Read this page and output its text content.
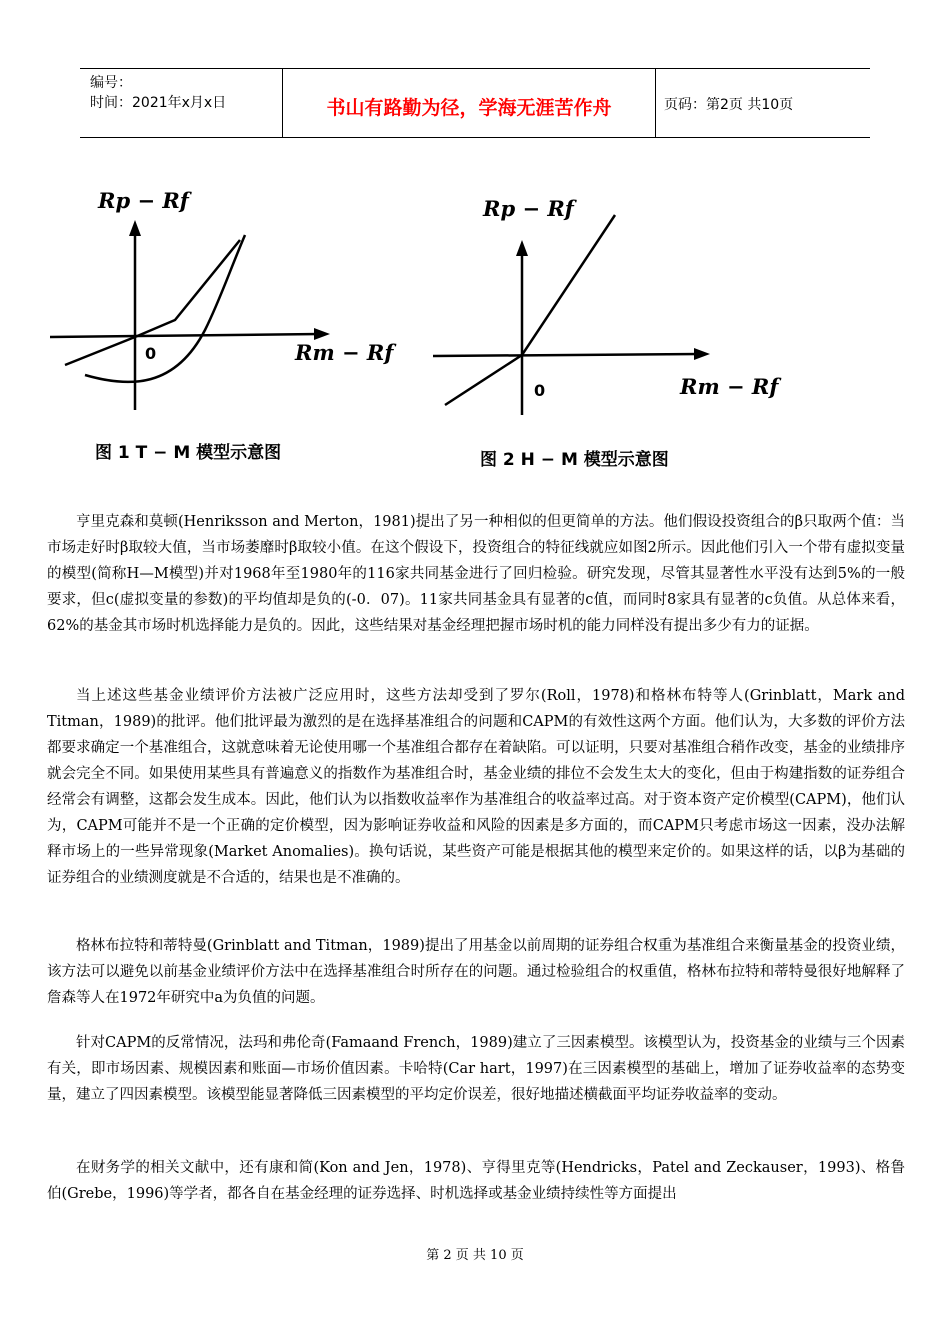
编号：
时间：2021年x月x日	书山有路勤为径，学海无涯苦作舟	页码：第2页 共10页
Rp − Rf
Rm − Rf
0
图 1 T − M 模型示意图
Rp − Rf
Rm − Rf
0
图 2 H − M 模型示意图

亨里克森和莫顿(Henriksson and Merton，1981)提出了另一种相似的但更简单的方法。他们假设投资组合的β只取两个值：当市场走好时β取较大值，当市场萎靡时β取较小值。在这个假设下，投资组合的特征线就应如图2所示。因此他们引入一个带有虚拟变量的模型(简称H—M模型)并对1968年至1980年的116家共同基金进行了回归检验。研究发现，尽管其显著性水平没有达到5%的一般要求，但c(虚拟变量的参数)的平均值却是负的(-0．07)。11家共同基金具有显著的c值，而同时8家具有显著的c负值。从总体来看，62%的基金其市场时机选择能力是负的。因此，这些结果对基金经理把握市场时机的能力同样没有提出多少有力的证据。

当上述这些基金业绩评价方法被广泛应用时，这些方法却受到了罗尔(Roll，1978)和格林布特等人(Grinblatt，Mark and Titman，1989)的批评。他们批评最为激烈的是在选择基准组合的问题和CAPM的有效性这两个方面。他们认为，大多数的评价方法都要求确定一个基准组合，这就意味着无论使用哪一个基准组合都存在着缺陷。可以证明，只要对基准组合稍作改变，基金的业绩排序就会完全不同。如果使用某些具有普遍意义的指数作为基准组合时，基金业绩的排位不会发生太大的变化，但由于构建指数的证券组合经常会有调整，这都会发生成本。因此，他们认为以指数收益率作为基准组合的收益率过高。对于资本资产定价模型(CAPM)，他们认为，CAPM可能并不是一个正确的定价模型，因为影响证券收益和风险的因素是多方面的，而CAPM只考虑市场这一因素，没办法解释市场上的一些异常现象(Market Anomalies)。换句话说，某些资产可能是根据其他的模型来定价的。如果这样的话，以β为基础的证券组合的业绩测度就是不合适的，结果也是不准确的。

格林布拉特和蒂特曼(Grinblatt and Titman，1989)提出了用基金以前周期的证券组合权重为基准组合来衡量基金的投资业绩，该方法可以避免以前基金业绩评价方法中在选择基准组合时所存在的问题。通过检验组合的权重值，格林布拉特和蒂特曼很好地解释了詹森等人在1972年研究中a为负值的问题。

针对CAPM的反常情况，法玛和弗伦奇(Famaand French，1989)建立了三因素模型。该模型认为，投资基金的业绩与三个因素有关，即市场因素、规模因素和账面—市场价值因素。卡哈特(Car hart，1997)在三因素模型的基础上，增加了证券收益率的态势变量，建立了四因素模型。该模型能显著降低三因素模型的平均定价误差，很好地描述横截面平均证券收益率的变动。

在财务学的相关文献中，还有康和简(Kon and Jen，1978)、亨得里克等(Hendricks，Patel and Zeckauser，1993)、格鲁伯(Grebe，1996)等学者，都各自在基金经理的证券选择、时机选择或基金业绩持续性等方面提出

第 2 页 共 10 页
